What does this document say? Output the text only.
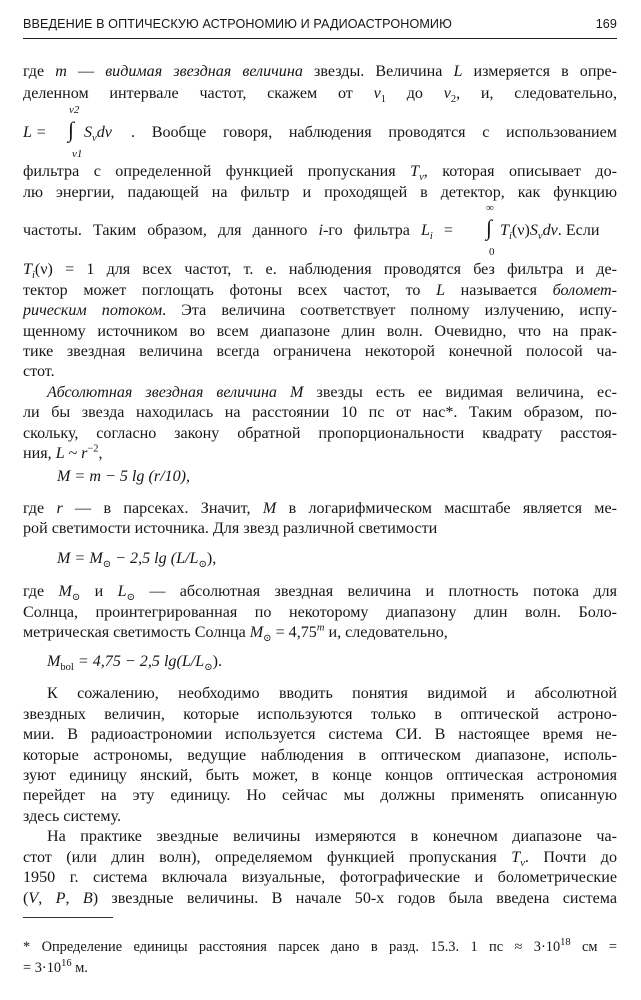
ВВЕДЕНИЕ В ОПТИЧЕСКУЮ АСТРОНОМИЮ И РАДИОАСТРОНОМИЮ	169
где m — видимая звездная величина звезды. Величина L измеряется в опре-
деленном интервале частот, скажем от $\nu_1$ до $\nu_2$, и, следовательно,
L =
ν2
∫
ν1
$S_\nu d\nu$ . Вообще говоря, наблюдения проводятся с использованием
фильтра с определенной функцией пропускания $T_\nu$, которая описывает до-
лю энергии, падающей на фильтр и проходящей в детектор, как функцию
частоты. Таким образом, для данного i-го фильтра $L_i$ =
∞
∫
0
$T_i(\nu)S_\nu d\nu$. Если
$T_i(\nu) = 1$ для всех частот, т. е. наблюдения проводятся без фильтра и де-
тектор может поглощать фотоны всех частот, то L называется боломет-
рическим потоком. Эта величина соответствует полному излучению, испу-
щенному источником во всем диапазоне длин волн. Очевидно, что на прак-
тике звездная величина всегда ограничена некоторой конечной полосой ча-
стот.
Абсолютная звездная величина M звезды есть ее видимая величина, ес-
ли бы звезда находилась на расстоянии 10 пс от нас*. Таким образом, по-
скольку, согласно закону обратной пропорциональности квадрату расстоя-
ния, L ~ $r^{-2}$,
M = m − 5 lg (r/10),
где r — в парсеках. Значит, M в логарифмическом масштабе является ме-
рой светимости источника. Для звезд различной светимости
$M = M_⊙ - 2,5$ $\lg (L/L_⊙)$,
где $M_⊙$ и $L_⊙$ — абсолютная звездная величина и плотность потока для
Солнца, проинтегрированная по некоторому диапазону длин волн. Боло-
метрическая светимость Солнца $M_⊙ = 4,75^m$ и, следовательно,
$M_{bol} = 4,75 - 2,5$ $\lg(L/L_⊙)$.
К сожалению, необходимо вводить понятия видимой и абсолютной
звездных величин, которые используются только в оптической астроно-
мии. В радиоастрономии используется система СИ. В настоящее время не-
которые астрономы, ведущие наблюдения в оптическом диапазоне, исполь-
зуют единицу янский, быть может, в конце концов оптическая астрономия
перейдет на эту единицу. Но сейчас мы должны применять описанную
здесь систему.
На практике звездные величины измеряются в конечном диапазоне ча-
стот (или длин волн), определяемом функцией пропускания $T_\nu$. Почти до
1950 г. система включала визуальные, фотографические и болометрические
(V, P, B) звездные величины. В начале 50-х годов была введена система
* Определение единицы расстояния парсек дано в разд. 15.3. 1 пс ≈ $3\cdot 10^{18}$ см =
= $3\cdot 10^{16}$ м.
